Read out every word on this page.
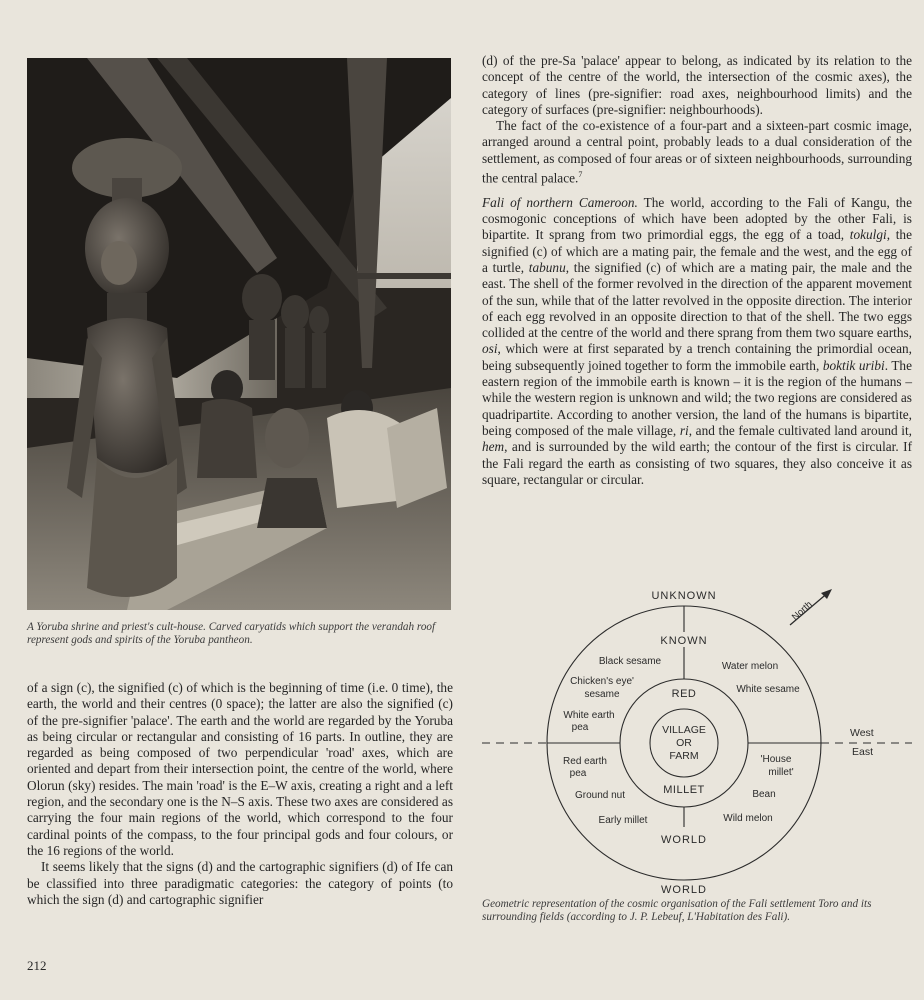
A Yoruba shrine and priest's cult-house. Carved caryatids which support the verandah roof represent gods and spirits of the Yoruba pantheon.

of a sign (c), the signified (c) of which is the beginning of time (i.e. 0 time), the earth, the world and their centres (0 space); the latter are also the signified (c) of the pre-signifier 'palace'. The earth and the world are regarded by the Yoruba as being circular or rectangular and consisting of 16 parts. In outline, they are regarded as being composed of two perpendicular 'road' axes, which are oriented and depart from their intersection point, the centre of the world, where Olorun (sky) resides. The main 'road' is the E–W axis, creating a right and a left region, and the secondary one is the N–S axis. These two axes are considered as carrying the four main regions of the world, which correspond to the four cardinal points of the compass, to the four principal gods and four colours, or the 16 regions of the world.

It seems likely that the signs (d) and the cartographic signifiers (d) of Ife can be classified into three paradigmatic categories: the category of points (to which the sign (d) and cartographic signifier

(d) of the pre-Sa 'palace' appear to belong, as indicated by its relation to the concept of the centre of the world, the intersection of the cosmic axes), the category of lines (pre-signifier: road axes, neighbourhood limits) and the category of surfaces (pre-signifier: neighbourhoods).

The fact of the co-existence of a four-part and a sixteen-part cosmic image, arranged around a central point, probably leads to a dual consideration of the settlement, as composed of four areas or of sixteen neighbourhoods, surrounding the central palace.$^7$

Fali of northern Cameroon. The world, according to the Fali of Kangu, the cosmogonic conceptions of which have been adopted by the other Fali, is bipartite. It sprang from two primordial eggs, the egg of a toad, tokulgi, the signified (c) of which are a mating pair, the female and the west, and the egg of a turtle, tabunu, the signified (c) of which are a mating pair, the male and the east. The shell of the former revolved in the direction of the apparent movement of the sun, while that of the latter revolved in the opposite direction. The interior of each egg revolved in an opposite direction to that of the shell. The two eggs collided at the centre of the world and there sprang from them two square earths, osi, which were at first separated by a trench containing the primordial ocean, being subsequently joined together to form the immobile earth, boktik uribi. The eastern region of the immobile earth is known – it is the region of the humans – while the western region is unknown and wild; the two regions are considered as quadripartite. According to another version, the land of the humans is bipartite, being composed of the male village, ri, and the female cultivated land around it, hem, and is surrounded by the wild earth; the contour of the first is circular. If the Fali regard the earth as consisting of two squares, they also conceive it as square, rectangular or circular.

UNKNOWN
KNOWN
North
West
East
WORLD
WORLD
RED
MILLET
VILLAGE
OR
FARM
Black sesame	Water melon
Chicken's eye'
sesame	White sesame
White earth
pea
Red earth
pea
'House
millet'
Ground nut	Bean
Early millet	Wild melon
Geometric representation of the cosmic organisation of the Fali settlement Toro and its surrounding fields (according to J. P. Lebeuf, L'Habitation des Fali).
212
